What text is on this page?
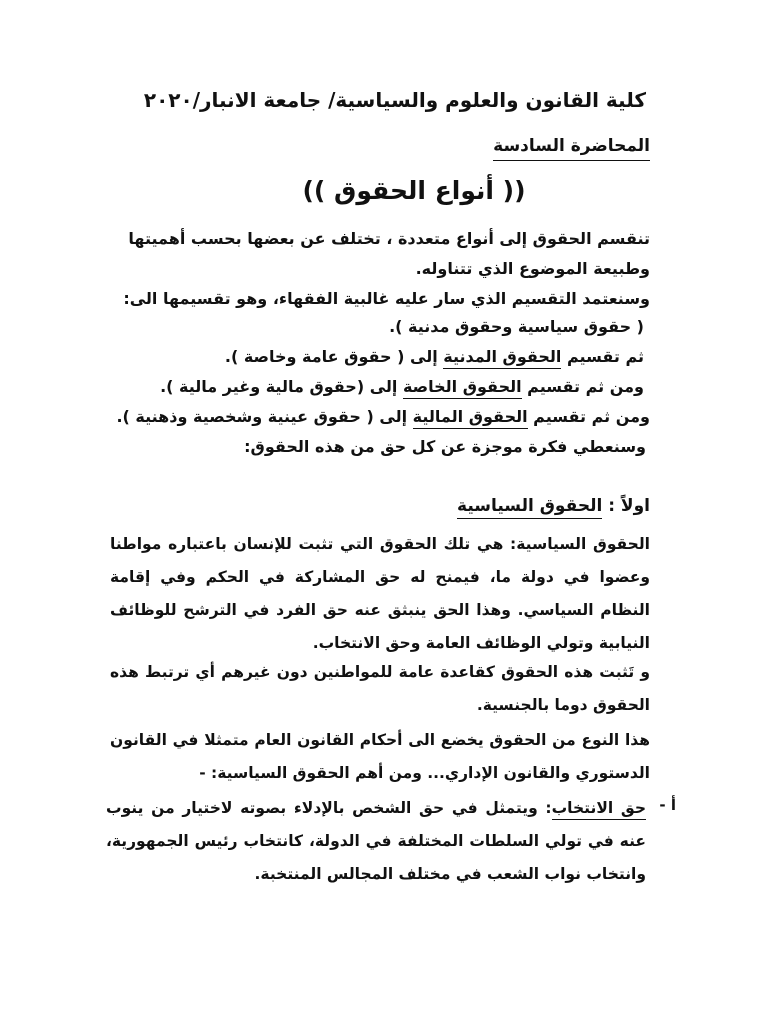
كلية القانون والعلوم والسياسية/ جامعة الانبار/٢٠٢٠
المحاضرة السادسة
(( أنواع الحقوق ))
تنقسم الحقوق إلى أنواع متعددة ، تختلف عن بعضها بحسب أهميتها
وطبيعة الموضوع الذي تتناوله.
وسنعتمد التقسيم الذي سار عليه غالبية الفقهاء، وهو تقسيمها الى:
( حقوق سياسية وحقوق مدنية ).
ثم تقسيم الحقوق المدنية إلى ( حقوق عامة وخاصة ).
ومن ثم تقسيم الحقوق الخاصة إلى (حقوق مالية وغير مالية ).
ومن ثم تقسيم الحقوق المالية إلى ( حقوق عينية وشخصية وذهنية ).
وسنعطي فكرة موجزة عن كل حق من هذه الحقوق:
اولاً : الحقوق السياسية
الحقوق السياسية: هي تلك الحقوق التي تثبت للإنسان باعتباره مواطنا وعضوا في دولة ما، فيمنح له حق المشاركة في الحكم وفي إقامة النظام السياسي. وهذا الحق ينبثق عنه حق الفرد في الترشح للوظائف النيابية وتولي الوظائف العامة وحق الانتخاب.
و تَثبت هذه الحقوق كقاعدة عامة للمواطنين دون غيرهم أي ترتبط هذه الحقوق دوما بالجنسية.
هذا النوع من الحقوق يخضع الى أحكام القانون العام متمثلا في القانون الدستوري والقانون الإداري... ومن أهم الحقوق السياسية: -
أ -
حق الانتخاب: ويتمثل في حق الشخص بالإدلاء بصوته لاختيار من ينوب عنه في تولي السلطات المختلفة في الدولة، كانتخاب رئيس الجمهورية، وانتخاب نواب الشعب في مختلف المجالس المنتخبة.
